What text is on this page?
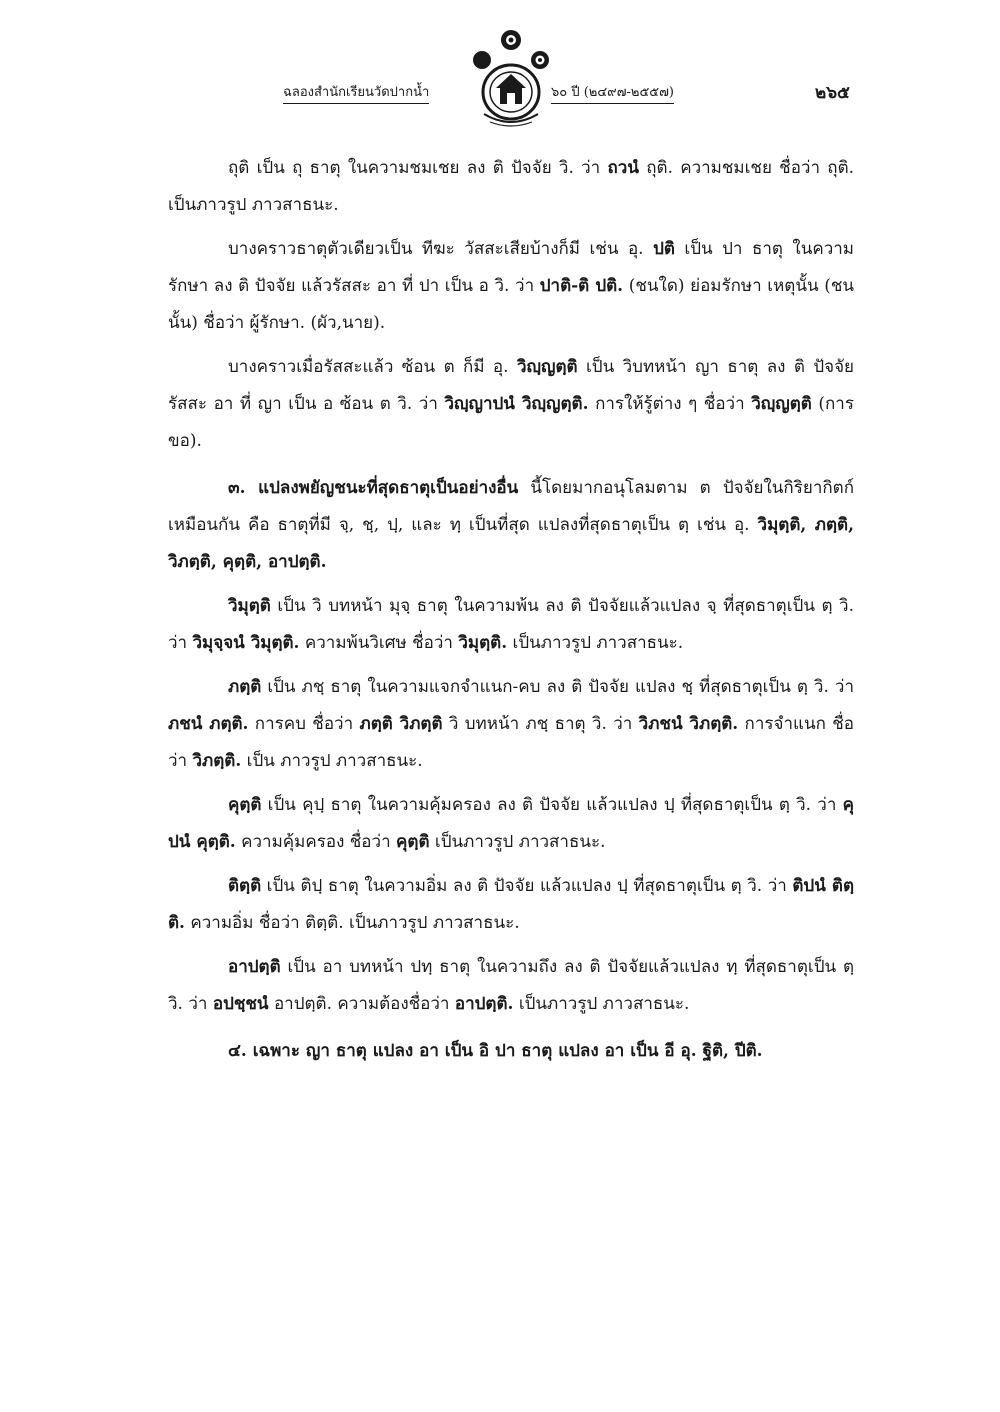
ฉลองสำนักเรียนวัดปากน้ำ	๖๐ ปี (๒๔๙๗-๒๕๕๗)	๒๖๕

ถุติ เป็น ถุ ธาตุ ในความชมเชย ลง ติ ปัจจัย วิ. ว่า ถวนํ ถุติ. ความชมเชย ชื่อว่า ถุติ. เป็นภาวรูป ภาวสาธนะ.

บางคราวธาตุตัวเดียวเป็น ทีฆะ วัสสะเสียบ้างก็มี เช่น อุ. ปติ เป็น ปา ธาตุ ในความรักษา ลง ติ ปัจจัย แล้วรัสสะ อา ที่ ปา เป็น อ วิ. ว่า ปาติ-ติ ปติ. (ชนใด) ย่อมรักษา เหตุนั้น (ชนนั้น) ชื่อว่า ผู้รักษา. (ผัว,นาย).

บางคราวเมื่อรัสสะแล้ว ซ้อน ต ก็มี อุ. วิญฺญตฺติ เป็น วิบทหน้า ญา ธาตุ ลง ติ ปัจจัย รัสสะ อา ที่ ญา เป็น อ ซ้อน ต วิ. ว่า วิญฺญาปนํ วิญฺญตฺติ. การให้รู้ต่าง ๆ ชื่อว่า วิญฺญตฺติ (การขอ).

๓. แปลงพยัญชนะที่สุดธาตุเป็นอย่างอื่น นี้โดยมากอนุโลมตาม ต ปัจจัยในกิริยากิตก์เหมือนกัน คือ ธาตุที่มี จฺ, ชฺ, ปฺ, และ ทฺ เป็นที่สุด แปลงที่สุดธาตุเป็น ตฺ เช่น อุ. วิมุตฺติ, ภตฺติ, วิภตฺติ, คุตฺติ, อาปตฺติ.

วิมุตฺติ เป็น วิ บทหน้า มุจฺ ธาตุ ในความพ้น ลง ติ ปัจจัยแล้วแปลง จฺ ที่สุดธาตุเป็น ตฺ วิ. ว่า วิมุจฺจนํ วิมุตฺติ. ความพ้นวิเศษ ชื่อว่า วิมุตฺติ. เป็นภาวรูป ภาวสาธนะ.

ภตฺติ เป็น ภชฺ ธาตุ ในความแจกจำแนก-คบ ลง ติ ปัจจัย แปลง ชฺ ที่สุดธาตุเป็น ตฺ วิ. ว่า ภชนํ ภตฺติ. การคบ ชื่อว่า ภตฺติ วิภตฺติ วิ บทหน้า ภชฺ ธาตุ วิ. ว่า วิภชนํ วิภตฺติ. การจำแนก ชื่อว่า วิภตฺติ. เป็น ภาวรูป ภาวสาธนะ.

คุตฺติ เป็น คุปฺ ธาตุ ในความคุ้มครอง ลง ติ ปัจจัย แล้วแปลง ปฺ ที่สุดธาตุเป็น ตฺ วิ. ว่า คุปนํ คุตฺติ. ความคุ้มครอง ชื่อว่า คุตฺติ เป็นภาวรูป ภาวสาธนะ.

ติตฺติ เป็น ติปฺ ธาตุ ในความอิ่ม ลง ติ ปัจจัย แล้วแปลง ปฺ ที่สุดธาตุเป็น ตฺ วิ. ว่า ติปนํ ติตฺติ. ความอิ่ม ชื่อว่า ติตฺติ. เป็นภาวรูป ภาวสาธนะ.

อาปตฺติ เป็น อา บทหน้า ปทฺ ธาตุ ในความถึง ลง ติ ปัจจัยแล้วแปลง ทฺ ที่สุดธาตุเป็น ตฺ วิ. ว่า อปชฺชนํ อาปตฺติ. ความต้องชื่อว่า อาปตฺติ. เป็นภาวรูป ภาวสาธนะ.

๔. เฉพาะ ญา ธาตุ แปลง อา เป็น อิ ปา ธาตุ แปลง อา เป็น อี อุ. ฐิติ, ปีติ.
